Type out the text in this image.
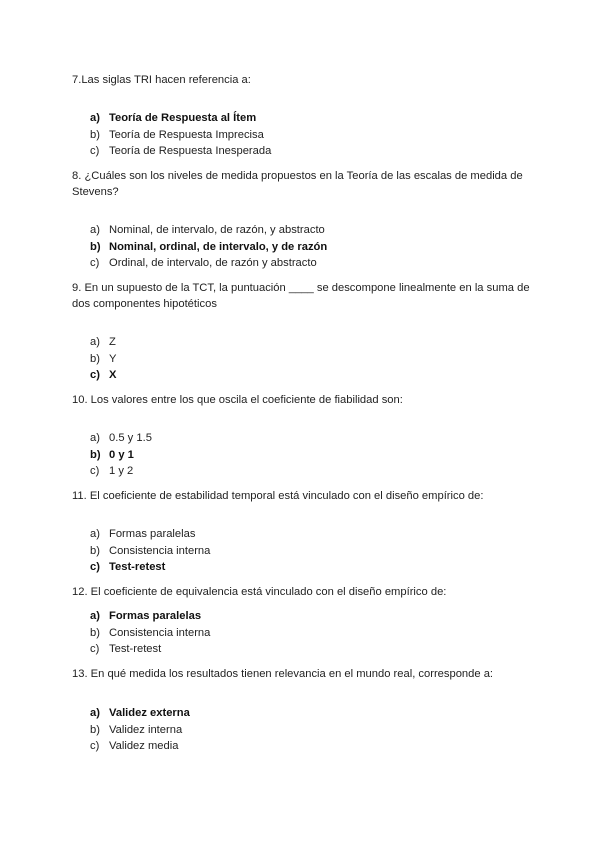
7.Las siglas TRI hacen referencia a:

a) Teoría de Respuesta al Ítem
b) Teoría de Respuesta Imprecisa
c) Teoría de Respuesta Inesperada

8. ¿Cuáles son los niveles de medida propuestos en la Teoría de las escalas de medida de Stevens?

a) Nominal, de intervalo, de razón, y abstracto
b) Nominal, ordinal, de intervalo, y de razón
c) Ordinal, de intervalo, de razón y abstracto

9. En un supuesto de la TCT, la puntuación ____ se descompone linealmente en la suma de dos componentes hipotéticos

a) Z
b) Y
c) X

10. Los valores entre los que oscila el coeficiente de fiabilidad son:

a) 0.5 y 1.5
b) 0 y 1
c) 1 y 2

11. El coeficiente de estabilidad temporal está vinculado con el diseño empírico de:

a) Formas paralelas
b) Consistencia interna
c) Test-retest

12. El coeficiente de equivalencia está vinculado con el diseño empírico de:

a) Formas paralelas
b) Consistencia interna
c) Test-retest

13. En qué medida los resultados tienen relevancia en el mundo real, corresponde a:

a) Validez externa
b) Validez interna
c) Validez media
